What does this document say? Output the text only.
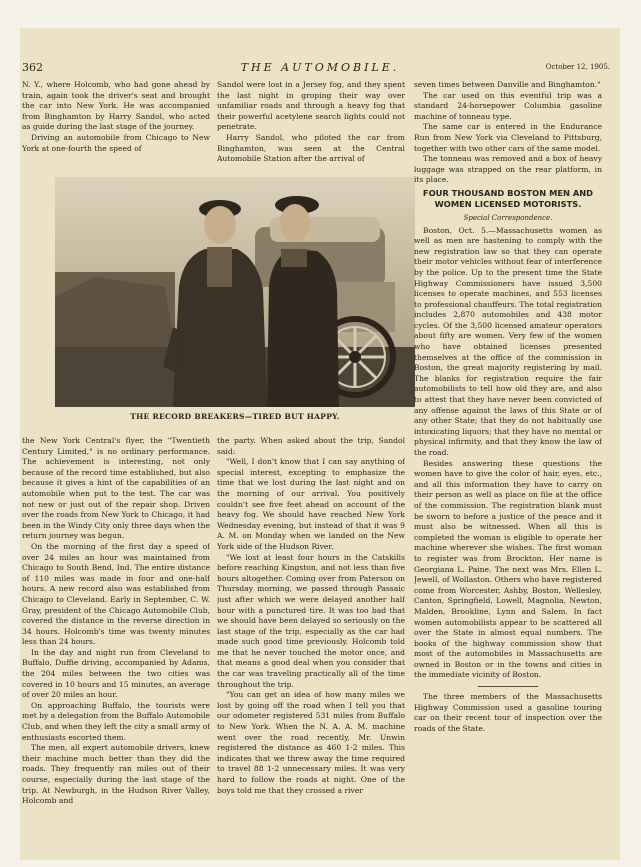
362	THE AUTOMOBILE.	October 12, 1905.

N. Y., where Holcomb, who had gone ahead by train, again took the driver's seat and brought the car into New York. He was accompanied from Binghamton by Harry Sandol, who acted as guide during the last stage of the journey.

Driving an automobile from Chicago to New York at one-fourth the speed of

Sandol were lost in a Jersey fog, and they spent the last night in groping their way over unfamiliar roads and through a heavy fog that their powerful acetylene search lights could not penetrate.

Harry Sandol, who piloted the car from Binghamton, was seen at the Central Automobile Station after the arrival of

THE RECORD BREAKERS—TIRED BUT HAPPY.

the New York Central's flyer, the "Twentieth Century Limited," is no ordinary performance. The achievement is interesting, not only because of the record time established, but also because it gives a hint of the capabilities of an automobile when put to the test. The car was not new or just out of the repair shop. Driven over the roads from New York to Chicago, it had been in the Windy City only three days when the return journey was begun.

On the morning of the first day a speed of over 24 miles an hour was maintained from Chicago to South Bend, Ind. The entire distance of 110 miles was made in four and one-half hours. A new record also was established from Chicago to Cleveland. Early in September, C. W. Gray, president of the Chicago Automobile Club, covered the distance in the reverse direction in 34 hours. Holcomb's time was twenty minutes less than 24 hours.

In the day and night run from Cleveland to Buffalo, Duffie driving, accompanied by Adams, the 204 miles between the two cities was covered in 10 hours and 15 minutes, an average of over 20 miles an hour.

On approaching Buffalo, the tourists were met by a delegation from the Buffalo Automobile Club, and when they left the city a small army of enthusiasts escorted them.

The men, all expert automobile drivers, knew their machine much better than they did the roads. They frequently ran miles out of their course, especially during the last stage of the trip. At Newburgh, in the Hudson River Valley, Holcomb and

the party. When asked about the trip, Sandol said:

"Well, I don't know that I can say anything of special interest, excepting to emphasize the time that we lost during the last night and on the morning of our arrival. You positively couldn't see five feet ahead on account of the heavy fog. We should have reached New York Wednesday evening, but instead of that it was 9 A. M. on Monday when we landed on the New York side of the Hudson River.

"We lost at least four hours in the Catskills before reaching Kingston, and not less than five hours altogether. Coming over from Paterson on Thursday morning, we passed through Passaic just after which we were delayed another half hour with a punctured tire. It was too bad that we should have been delayed so seriously on the last stage of the trip, especially as the car had made such good time previously. Holcomb told me that he never touched the motor once, and that means a good deal when you consider that the car was traveling practically all of the time throughout the trip.

"You can get an idea of how many miles we lost by going off the road when I tell you that our odometer registered 531 miles from Buffalo to New York. When the N. A. A. M. machine went over the road recently, Mr. Unwin registered the distance as 460 1-2 miles. This indicates that we threw away the time required to travel 88 1-2 unnecessary miles. It was very hard to follow the roads at night. One of the boys told me that they crossed a river

seven times between Danville and Binghamton."

The car used on this eventful trip was a standard 24-horsepower Columbia gasoline machine of tonneau type.

The same car is entered in the Endurance Run from New York via Cleveland to Pittsburg, together with two other cars of the same model.

The tonneau was removed and a box of heavy luggage was strapped on the rear platform, in its place.

FOUR THOUSAND BOSTON MEN AND WOMEN LICENSED MOTORISTS.
Special Correspondence.

Boston, Oct. 5.—Massachusetts women as well as men are hastening to comply with the new registration law so that they can operate their motor vehicles without fear of interference by the police. Up to the present time the State Highway Commissioners have issued 3,500 licenses to operate machines, and 553 licenses to professional chauffeurs. The total registration includes 2,870 automobiles and 438 motor cycles. Of the 3,500 licensed amateur operators about fifty are women. Very few of the women who have obtained licenses presented themselves at the office of the commission in Boston, the great majority registering by mail. The blanks for registration require the fair automobilists to tell how old they are, and also to attest that they have never been convicted of any offense against the laws of this State or of any other State; that they do not habitually use intoxicating liquors; that they have no mental or physical infirmity, and that they know the law of the road.

Besides answering these questions the women have to give the color of hair, eyes, etc., and all this information they have to carry on their person as well as place on file at the office of the commission. The registration blank must be sworn to before a justice of the peace and it must also be witnessed. When all this is completed the woman is eligible to operate her machine wherever she wishes. The first woman to register was from Brockton. Her name is Georgiana L. Paine. The next was Mrs. Ellen L. Jewell, of Wollaston. Others who have registered come from Worcester, Ashby, Boston, Wellesley, Canton, Springfield, Lowell, Magnolia, Newton, Malden, Brookline, Lynn and Salem. In fact women automobilists appear to be scattered all over the State in almost equal numbers. The books of the highway commission show that most of the automobiles in Massachusetts are owned in Boston or in the towns and cities in the immediate vicinity of Boston.

The three members of the Massachusetts Highway Commission used a gasoline touring car on their recent tour of inspection over the roads of the State.
